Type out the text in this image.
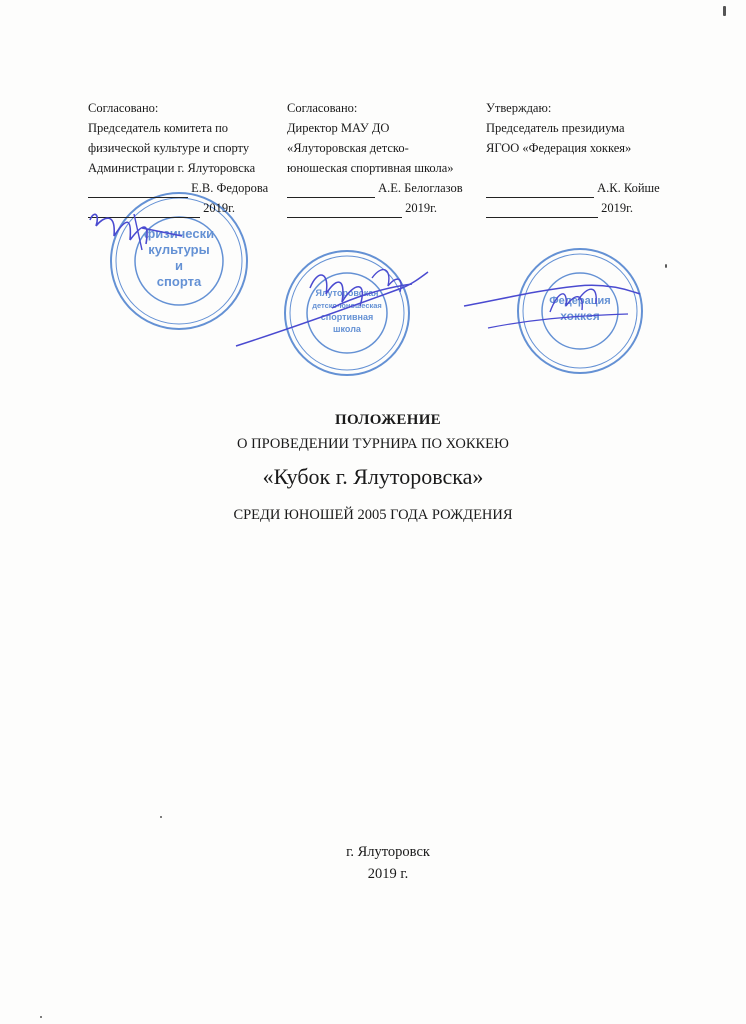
физически
культуры
и
спорта
Ялуторовская
детско-юношеская
спортивная
школа
Федерация
хоккея
Согласовано:
Председатель комитета по
физической культуре и спорту
Администрации г. Ялуторовска
Е.В. Федорова
2019г.
Согласовано:
Директор МАУ ДО
«Ялуторовская детско-
юношеская спортивная школа»
А.Е. Белоглазов
2019г.
Утверждаю:
Председатель президиума
ЯГОО «Федерация хоккея»
А.К. Койше
2019г.
ПОЛОЖЕНИЕ
О ПРОВЕДЕНИИ ТУРНИРА ПО ХОККЕЮ
«Кубок г. Ялуторовска»
СРЕДИ ЮНОШЕЙ 2005 ГОДА РОЖДЕНИЯ
г. Ялуторовск
2019 г.
